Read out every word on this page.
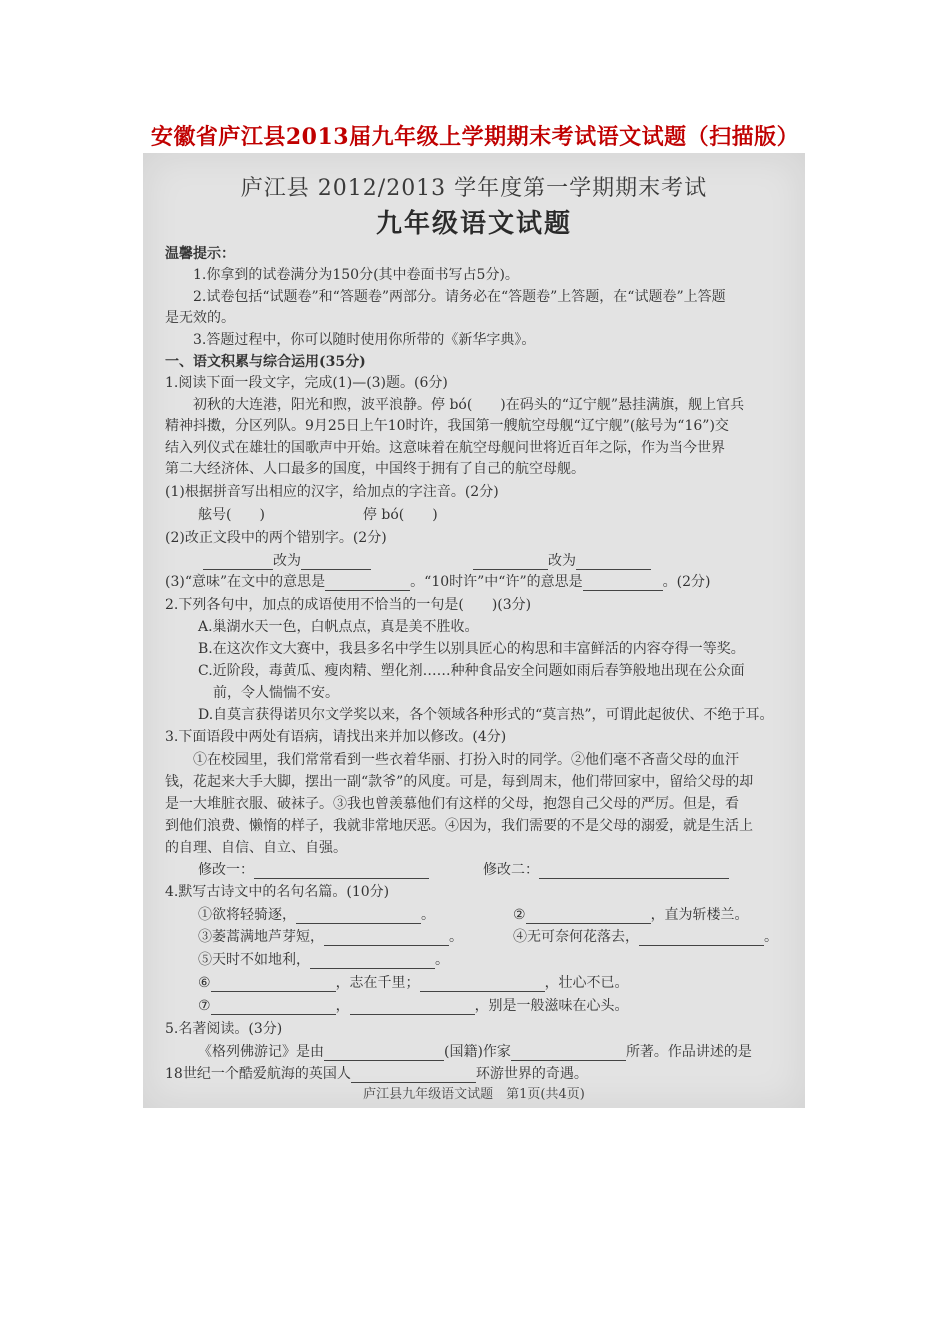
安徽省庐江县2013届九年级上学期期末考试语文试题（扫描版）
庐江县 2012/2013 学年度第一学期期末考试
九年级语文试题
温馨提示：
1.你拿到的试卷满分为150分(其中卷面书写占5分)。
2.试卷包括“试题卷”和“答题卷”两部分。请务必在“答题卷”上答题，在“试题卷”上答题
是无效的。
3.答题过程中，你可以随时使用你所带的《新华字典》。
一、语文积累与综合运用(35分)
1.阅读下面一段文字，完成(1)—(3)题。(6分)
初秋的大连港，阳光和煦，波平浪静。停 bó(　　)在码头的“辽宁舰”悬挂满旗，舰上官兵
精神抖擞，分区列队。9月25日上午10时许，我国第一艘航空母舰“辽宁舰”(舷号为“16”)交
结入列仪式在雄壮的国歌声中开始。这意味着在航空母舰问世将近百年之际，作为当今世界
第二大经济体、人口最多的国度，中国终于拥有了自己的航空母舰。
(1)根据拼音写出相应的汉字，给加点的字注音。(2分)
舷号(　　)　　　　　　　停 bó(　　)
(2)改正文段中的两个错别字。(2分)
改为	改为
(3)“意味”在文中的意思是	。“10时许”中“许”的意思是	。(2分)
2.下列各句中，加点的成语使用不恰当的一句是(　　)(3分)
A.巢湖水天一色，白帆点点，真是美不胜收。
B.在这次作文大赛中，我县多名中学生以别具匠心的构思和丰富鲜活的内容夺得一等奖。
C.近阶段，毒黄瓜、瘦肉精、塑化剂……种种食品安全问题如雨后春笋般地出现在公众面
前，令人惴惴不安。
D.自莫言获得诺贝尔文学奖以来，各个领域各种形式的“莫言热”，可谓此起彼伏、不绝于耳。
3.下面语段中两处有语病，请找出来并加以修改。(4分)
①在校园里，我们常常看到一些衣着华丽、打扮入时的同学。②他们毫不吝啬父母的血汗
钱，花起来大手大脚，摆出一副“款爷”的风度。可是，每到周末，他们带回家中，留给父母的却
是一大堆脏衣服、破袜子。③我也曾羡慕他们有这样的父母，抱怨自己父母的严厉。但是，看
到他们浪费、懒惰的样子，我就非常地厌恶。④因为，我们需要的不是父母的溺爱，就是生活上
的自理、自信、自立、自强。
修改一：	修改二：
4.默写古诗文中的名句名篇。(10分)
①欲将轻骑逐，	。	②	，直为斩楼兰。
③萎蒿满地芦芽短，	。	④无可奈何花落去，	。
⑤天时不如地利，	。
⑥	，志在千里；	，壮心不已。
⑦	，	，别是一般滋味在心头。
5.名著阅读。(3分)
《格列佛游记》是由	(国籍)作家	所著。作品讲述的是
18世纪一个酷爱航海的英国人	环游世界的奇遇。
庐江县九年级语文试题　第1页(共4页)
